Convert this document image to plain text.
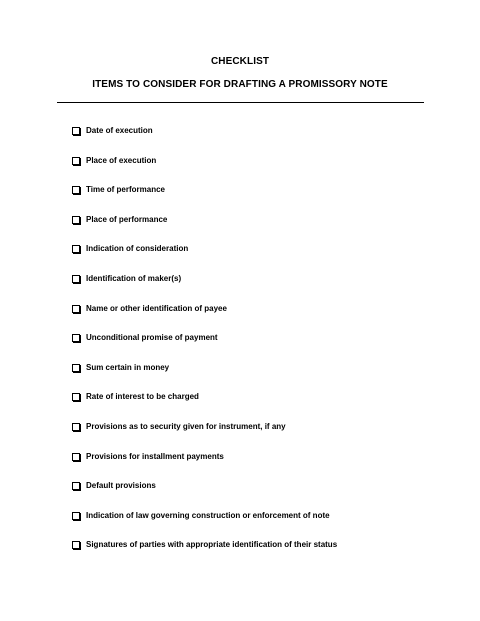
CHECKLIST
ITEMS TO CONSIDER FOR DRAFTING A PROMISSORY NOTE
Date of execution
Place of execution
Time of performance
Place of performance
Indication of consideration
Identification of maker(s)
Name or other identification of payee
Unconditional promise of payment
Sum certain in money
Rate of interest to be charged
Provisions as to security given for instrument, if any
Provisions for installment payments
Default provisions
Indication of law governing construction or enforcement of note
Signatures of parties with appropriate identification of their status
